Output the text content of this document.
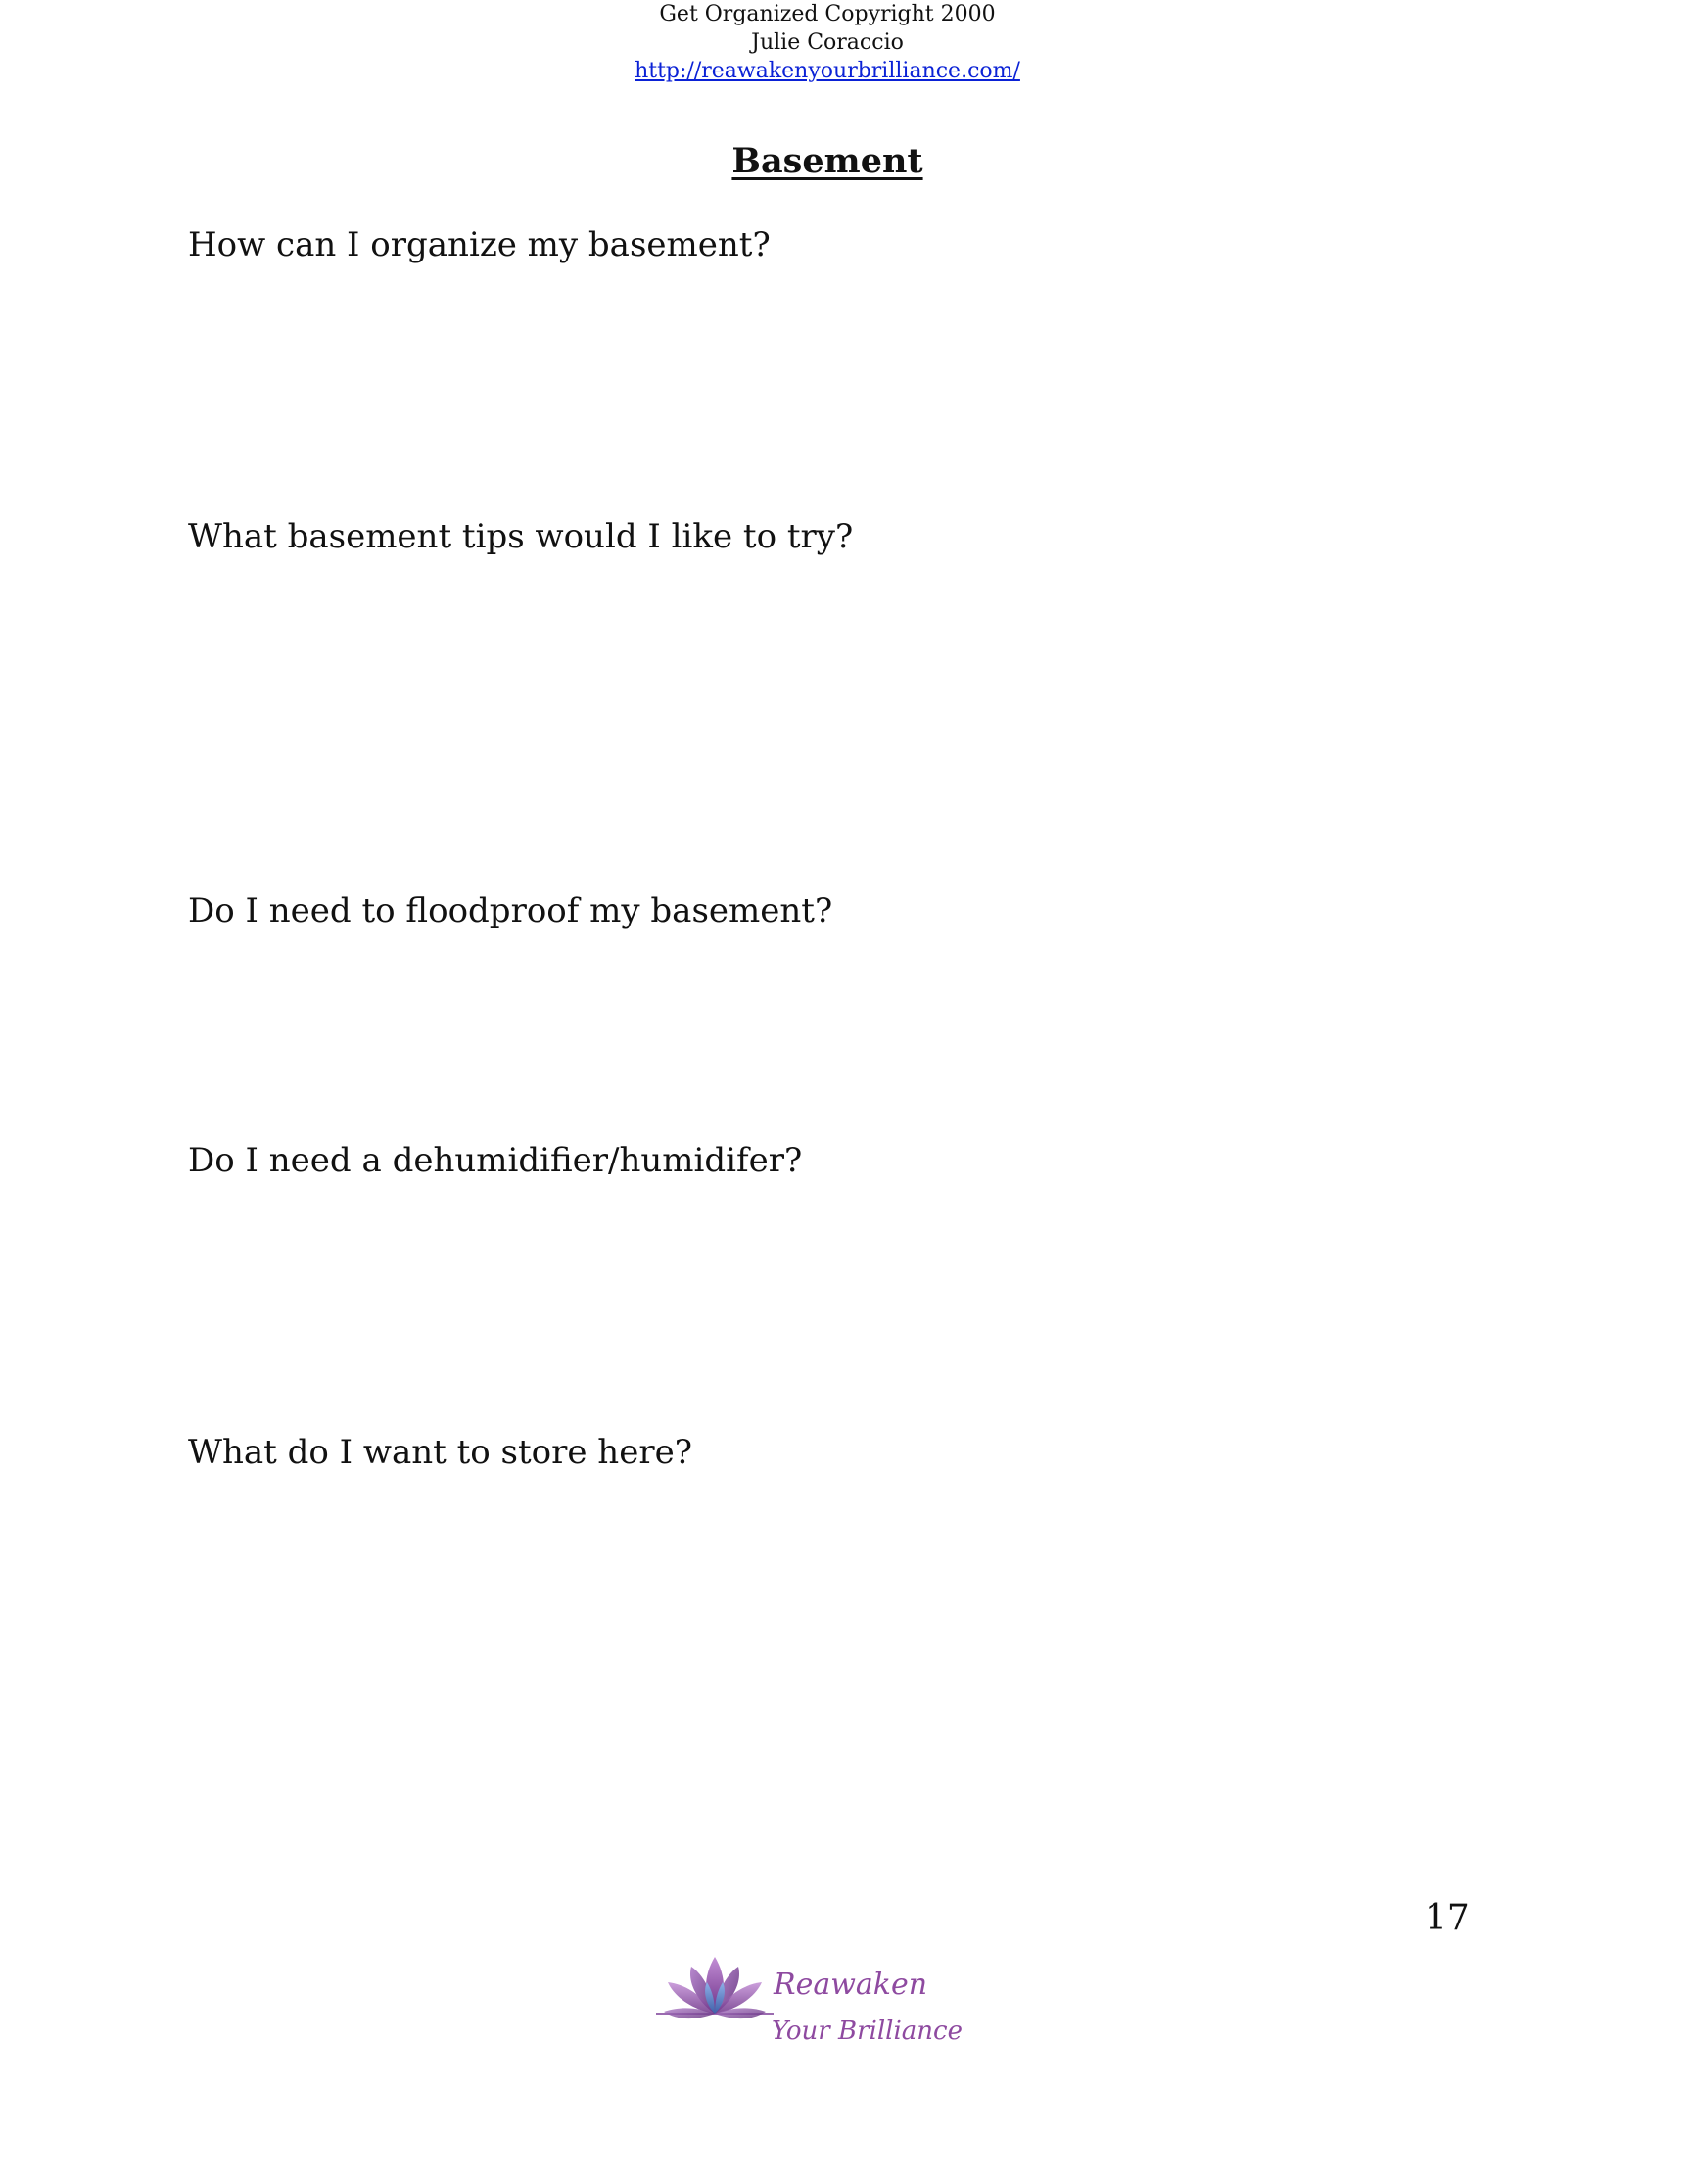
Get Organized Copyright 2000
Julie Coraccio
http://reawakenyourbrilliance.com/
Basement

How can I organize my basement?

What basement tips would I like to try?

Do I need to floodproof my basement?

Do I need a dehumidifier/humidifer?

What do I want to store here?

17
Reawaken
Your Brilliance
